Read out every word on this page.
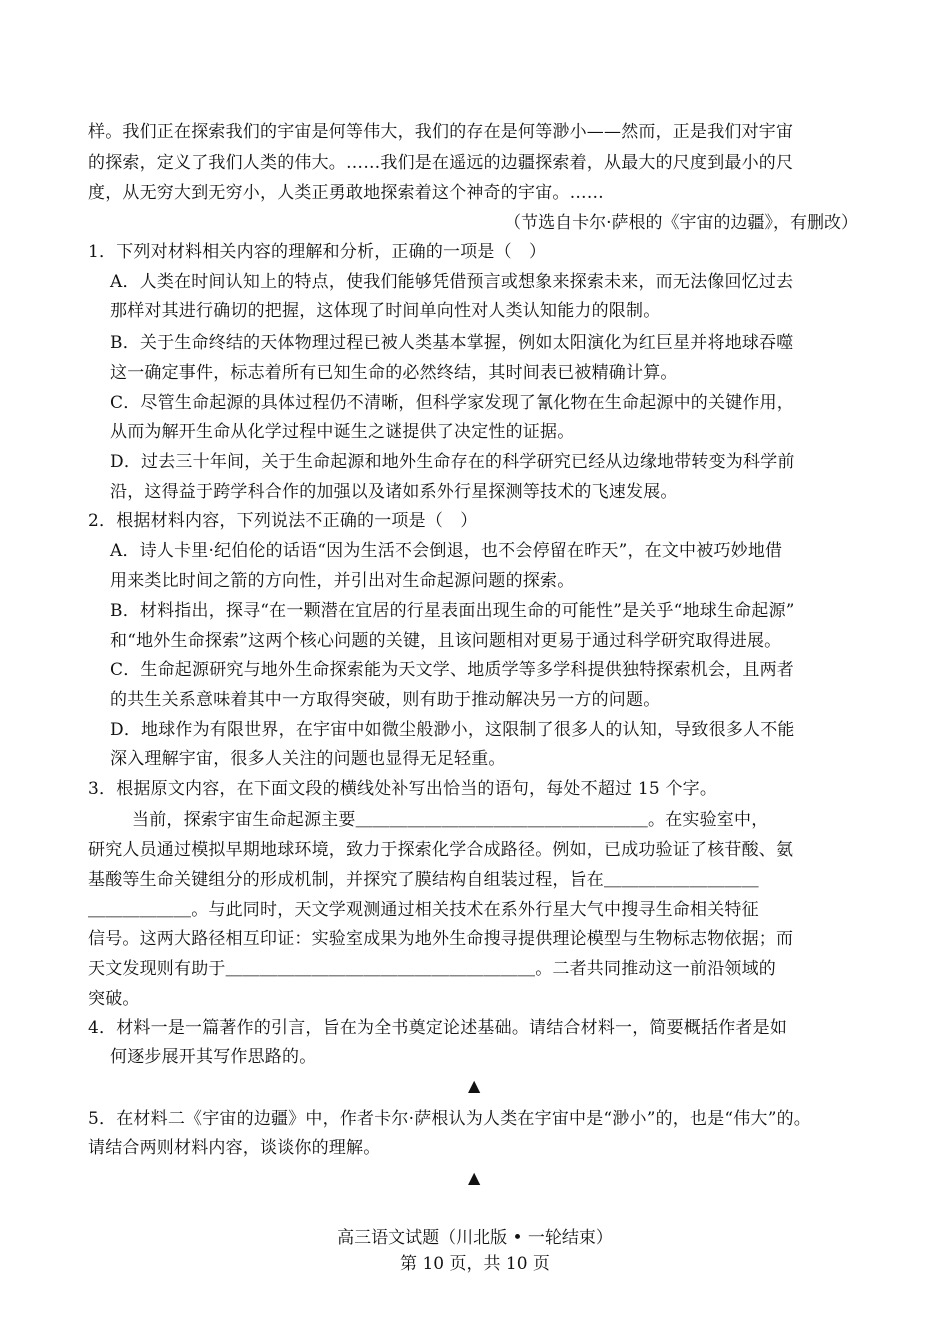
样。我们正在探索我们的宇宙是何等伟大，我们的存在是何等渺小——然而，正是我们对宇宙
的探索，定义了我们人类的伟大。……我们是在遥远的边疆探索着，从最大的尺度到最小的尺
度，从无穷大到无穷小，人类正勇敢地探索着这个神奇的宇宙。……
（节选自卡尔·萨根的《宇宙的边疆》，有删改）
1．下列对材料相关内容的理解和分析，正确的一项是（　）
A．人类在时间认知上的特点，使我们能够凭借预言或想象来探索未来，而无法像回忆过去
那样对其进行确切的把握，这体现了时间单向性对人类认知能力的限制。
B．关于生命终结的天体物理过程已被人类基本掌握，例如太阳演化为红巨星并将地球吞噬
这一确定事件，标志着所有已知生命的必然终结，其时间表已被精确计算。
C．尽管生命起源的具体过程仍不清晰，但科学家发现了氰化物在生命起源中的关键作用，
从而为解开生命从化学过程中诞生之谜提供了决定性的证据。
D．过去三十年间，关于生命起源和地外生命存在的科学研究已经从边缘地带转变为科学前
沿，这得益于跨学科合作的加强以及诸如系外行星探测等技术的飞速发展。
2．根据材料内容，下列说法不正确的一项是（　）
A．诗人卡里·纪伯伦的话语“因为生活不会倒退，也不会停留在昨天”，在文中被巧妙地借
用来类比时间之箭的方向性，并引出对生命起源问题的探索。
B．材料指出，探寻“在一颗潜在宜居的行星表面出现生命的可能性”是关乎“地球生命起源”
和“地外生命探索”这两个核心问题的关键，且该问题相对更易于通过科学研究取得进展。
C．生命起源研究与地外生命探索能为天文学、地质学等多学科提供独特探索机会，且两者
的共生关系意味着其中一方取得突破，则有助于推动解决另一方的问题。
D．地球作为有限世界，在宇宙中如微尘般渺小，这限制了很多人的认知，导致很多人不能
深入理解宇宙，很多人关注的问题也显得无足轻重。
3．根据原文内容，在下面文段的横线处补写出恰当的语句，每处不超过 15 个字。
当前，探索宇宙生命起源主要＿＿＿＿＿＿＿＿＿＿＿＿＿＿＿＿＿。在实验室中，
研究人员通过模拟早期地球环境，致力于探索化学合成路径。例如，已成功验证了核苷酸、氨
基酸等生命关键组分的形成机制，并探究了膜结构自组装过程，旨在＿＿＿＿＿＿＿＿＿
＿＿＿＿＿＿。与此同时，天文学观测通过相关技术在系外行星大气中搜寻生命相关特征
信号。这两大路径相互印证：实验室成果为地外生命搜寻提供理论模型与生物标志物依据；而
天文发现则有助于＿＿＿＿＿＿＿＿＿＿＿＿＿＿＿＿＿＿。二者共同推动这一前沿领域的
突破。
4．材料一是一篇著作的引言，旨在为全书奠定论述基础。请结合材料一，简要概括作者是如
何逐步展开其写作思路的。
▲
5．在材料二《宇宙的边疆》中，作者卡尔·萨根认为人类在宇宙中是“渺小”的，也是“伟大”的。
请结合两则材料内容，谈谈你的理解。
▲
高三语文试题（川北版 • 一轮结束）
第 10 页，共 10 页
